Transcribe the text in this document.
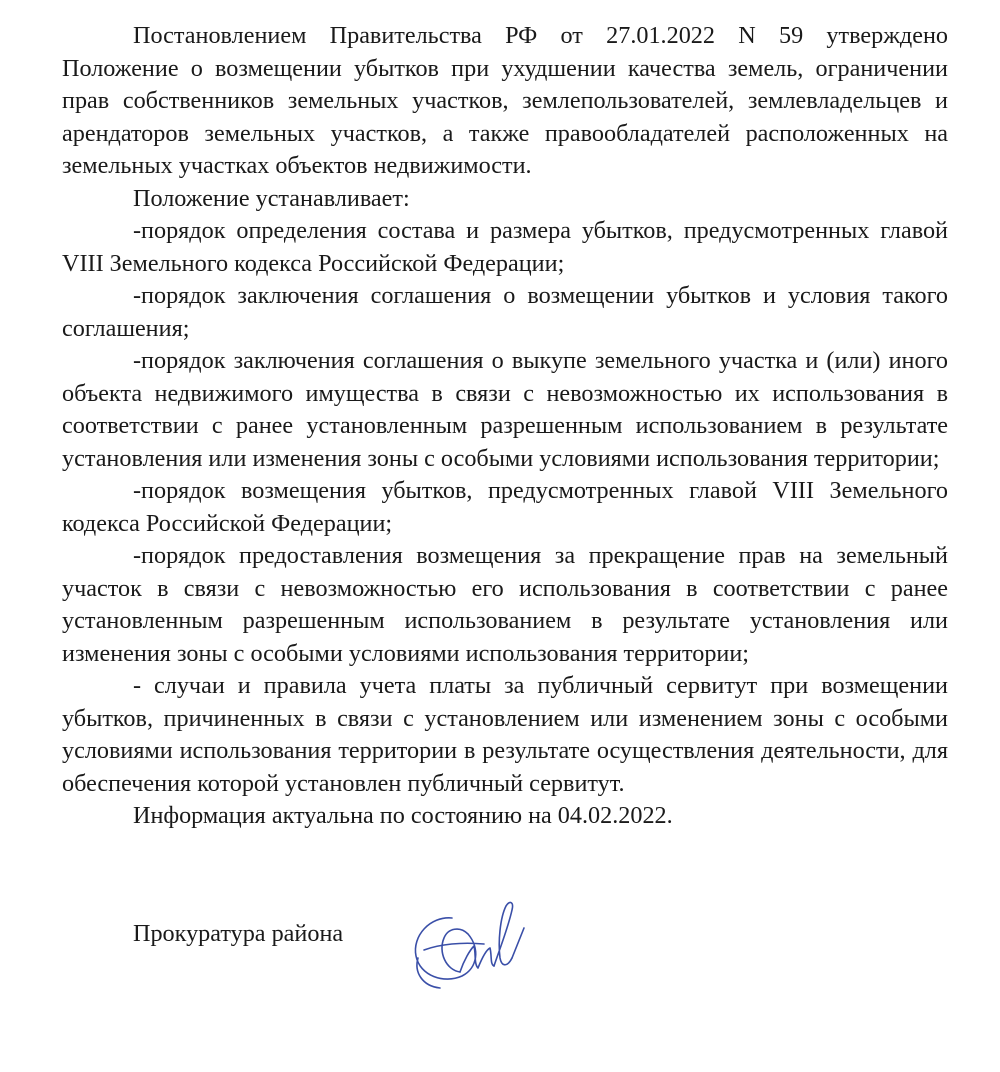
Постановлением Правительства РФ от 27.01.2022 N 59 утверждено Положение о возмещении убытков при ухудшении качества земель, ограничении прав собственников земельных участков, землепользователей, землевладельцев и арендаторов земельных участков, а также правообладателей расположенных на земельных участках объектов недвижимости.

Положение устанавливает:

-порядок определения состава и размера убытков, предусмотренных главой VIII Земельного кодекса Российской Федерации;

-порядок заключения соглашения о возмещении убытков и условия такого соглашения;

-порядок заключения соглашения о выкупе земельного участка и (или) иного объекта недвижимого имущества в связи с невозможностью их использования в соответствии с ранее установленным разрешенным использованием в результате установления или изменения зоны с особыми условиями использования территории;

-порядок возмещения убытков, предусмотренных главой VIII Земельного кодекса Российской Федерации;

-порядок предоставления возмещения за прекращение прав на земельный участок в связи с невозможностью его использования в соответствии с ранее установленным разрешенным использованием в результате установления или изменения зоны с особыми условиями использования территории;

- случаи и правила учета платы за публичный сервитут при возмещении убытков, причиненных в связи с установлением или изменением зоны с особыми условиями использования территории в результате осуществления деятельности, для обеспечения которой установлен публичный сервитут.

Информация актуальна по состоянию на 04.02.2022.

Прокуратура района
